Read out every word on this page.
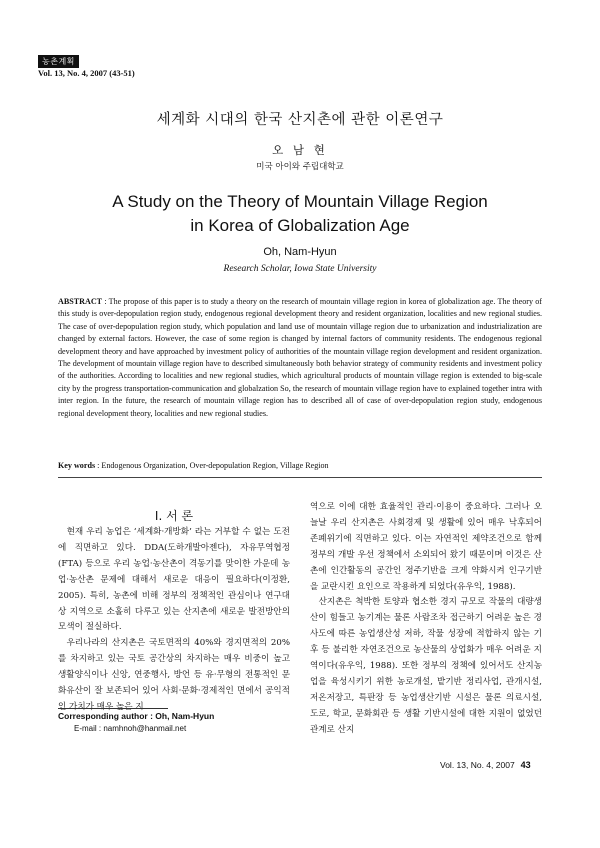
농촌계획
Vol. 13, No. 4, 2007 (43-51)
세계화 시대의 한국 산지촌에 관한 이론연구
오 남 현
미국 아이와 주립대학교
A Study on the Theory of Mountain Village Region
in Korea of Globalization Age
Oh, Nam-Hyun
Research Scholar, Iowa State University
ABSTRACT : The propose of this paper is to study a theory on the research of mountain village region in korea of globalization age. The theory of this study is over-depopulation region study, endogenous regional development theory and resident organization, localities and new regional studies. The case of over-depopulation region study, which population and land use of mountain village region due to urbanization and industrialization are changed by external factors. However, the case of some region is changed by internal factors of community residents. The endogenous regional development theory and have approached by investment policy of authorities of the mountain village region development and resident organization. The development of mountain village region have to described simultaneously both behavior strategy of community residents and investment policy of the authorities. According to localities and new regional studies, which agricultural products of mountain village region is extended to big-scale city by the progress transportation-communication and globalzation So, the research of mountain village region have to explained together intra with inter region. In the future, the research of mountain village region has to described all of case of over-depopulation region study, endogenous regional development theory, localities and new regional studies.
Key words : Endogenous Organization, Over-depopulation Region, Village Region
I. 서 론

현재 우리 농업은 ‘세계화·개방화’ 라는 거부할 수 없는 도전에 직면하고 있다. DDA(도하개발아젠다), 자유무역협정(FTA) 등으로 우리 농업·농산촌이 격동기를 맞이한 가운데 농업·농산촌 문제에 대해서 새로운 대응이 필요하다(이정환, 2005). 특히, 농촌에 비해 정부의 정책적인 관심이나 연구대상 지역으로 소홀히 다루고 있는 산지촌에 새로운 발전방안의 모색이 절실하다.

우리나라의 산지촌은 국토면적의 40%와 경지면적의 20%를 차지하고 있는 국토 공간상의 차지하는 매우 비중이 높고 생활양식이나 신앙, 연중행사, 방언 등 유·무형의 전통적인 문화유산이 잘 보존되어 있어 사회·문화·경제적인 면에서 공익적인 가치가 매우 높은 지

역으로 이에 대한 효율적인 관리·이용이 중요하다. 그러나 오늘날 우리 산지촌은 사회경제 및 생활에 있어 매우 낙후되어 존폐위기에 직면하고 있다. 이는 자연적인 제약조건으로 함께 정부의 개발 우선 정책에서 소외되어 왔기 때문이며 이것은 산촌에 인간활동의 공간인 정주기반을 크게 약화시켜 인구기반을 교란시킨 요인으로 작용하게 되었다(유우익, 1988).

산지촌은 척박한 토양과 협소한 경지 규모로 작물의 대량생산이 힘들고 농기계는 물론 사람조차 접근하기 어려운 높은 경사도에 따른 농업생산성 저하, 작물 성장에 적합하지 않는 기후 등 불리한 자연조건으로 농산물의 상업화가 매우 어려운 지역이다(유우익, 1988). 또한 정부의 정책에 있어서도 산지농업을 육성시키기 위한 농로개설, 밭기반 정리사업, 관개시설, 저온저장고, 특판장 등 농업생산기반 시설은 물론 의료시설, 도로, 학교, 문화회관 등 생활 기반시설에 대한 지원이 없었던 관계로 산지

Corresponding author : Oh, Nam-Hyun
E-mail : namhnoh@hanmail.net
Vol. 13, No. 4, 2007 43
